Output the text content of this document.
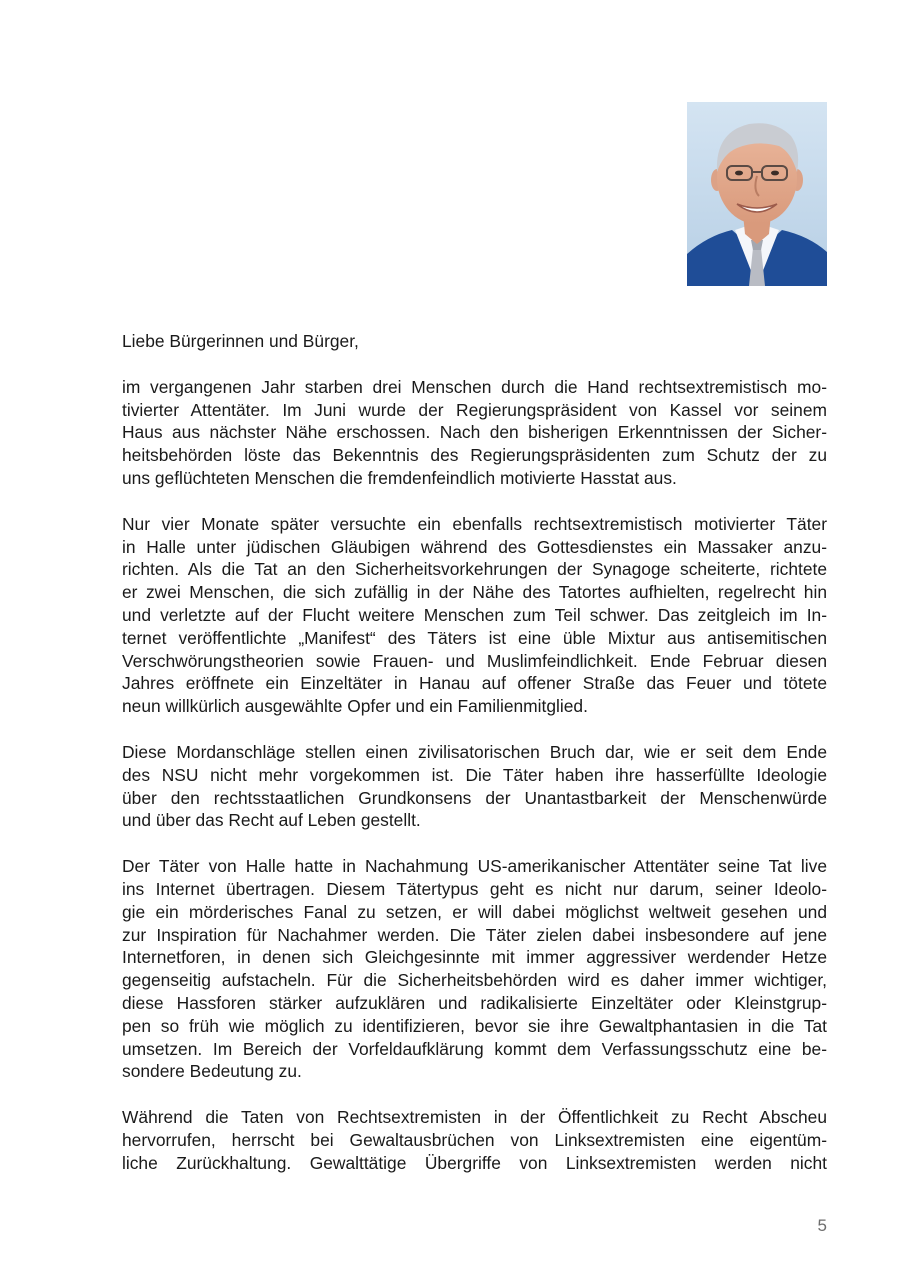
Liebe Bürgerinnen und Bürger,

im vergangenen Jahr starben drei Menschen durch die Hand rechtsextremistisch mo-
tivierter Attentäter. Im Juni wurde der Regierungspräsident von Kassel vor seinem
Haus aus nächster Nähe erschossen. Nach den bisherigen Erkenntnissen der Sicher-
heitsbehörden löste das Bekenntnis des Regierungspräsidenten zum Schutz der zu
uns geflüchteten Menschen die fremdenfeindlich motivierte Hasstat aus.

Nur vier Monate später versuchte ein ebenfalls rechtsextremistisch motivierter Täter
in Halle unter jüdischen Gläubigen während des Gottesdienstes ein Massaker anzu-
richten. Als die Tat an den Sicherheitsvorkehrungen der Synagoge scheiterte, richtete
er zwei Menschen, die sich zufällig in der Nähe des Tatortes aufhielten, regelrecht hin
und verletzte auf der Flucht weitere Menschen zum Teil schwer. Das zeitgleich im In-
ternet veröffentlichte „Manifest“ des Täters ist eine üble Mixtur aus antisemitischen
Verschwörungstheorien sowie Frauen- und Muslimfeindlichkeit. Ende Februar diesen
Jahres eröffnete ein Einzeltäter in Hanau auf offener Straße das Feuer und tötete
neun willkürlich ausgewählte Opfer und ein Familienmitglied.

Diese Mordanschläge stellen einen zivilisatorischen Bruch dar, wie er seit dem Ende
des NSU nicht mehr vorgekommen ist. Die Täter haben ihre hasserfüllte Ideologie
über den rechtsstaatlichen Grundkonsens der Unantastbarkeit der Menschenwürde
und über das Recht auf Leben gestellt.

Der Täter von Halle hatte in Nachahmung US-amerikanischer Attentäter seine Tat live
ins Internet übertragen. Diesem Tätertypus geht es nicht nur darum, seiner Ideolo-
gie ein mörderisches Fanal zu setzen, er will dabei möglichst weltweit gesehen und
zur Inspiration für Nachahmer werden. Die Täter zielen dabei insbesondere auf jene
Internetforen, in denen sich Gleichgesinnte mit immer aggressiver werdender Hetze
gegenseitig aufstacheln. Für die Sicherheitsbehörden wird es daher immer wichtiger,
diese Hassforen stärker aufzuklären und radikalisierte Einzeltäter oder Kleinstgrup-
pen so früh wie möglich zu identifizieren, bevor sie ihre Gewaltphantasien in die Tat
umsetzen. Im Bereich der Vorfeldaufklärung kommt dem Verfassungsschutz eine be-
sondere Bedeutung zu.

Während die Taten von Rechtsextremisten in der Öffentlichkeit zu Recht Abscheu
hervorrufen, herrscht bei Gewaltausbrüchen von Linksextremisten eine eigentüm-
liche Zurückhaltung. Gewalttätige Übergriffe von Linksextremisten werden nicht

5
